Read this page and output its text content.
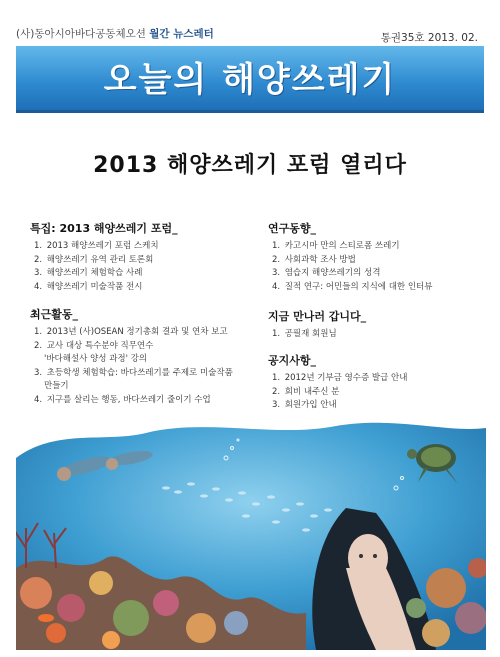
(사)동아시아바다공동체오션 월간 뉴스레터	통권35호 2013. 02.
오늘의 해양쓰레기
2013 해양쓰레기 포럼 열리다
특집: 2013 해양쓰레기 포럼_
1. 2013 해양쓰레기 포럼 스케치
2. 해양쓰레기 유역 관리 토론회
3. 해양쓰레기 체험학습 사례
4. 해양쓰레기 미술작품 전시
최근활동_
1. 2013년 (사)OSEAN 정기총회 결과 및 연차 보고
2. 교사 대상 특수분야 직무연수
'바다해설사 양성 과정' 강의
3. 초등학생 체험학습: 바다쓰레기를 주제로 미술작품
만들기
4. 지구를 살리는 행동, 바다쓰레기 줄이기 수업
연구동향_
1. 카고시마 만의 스티로폼 쓰레기
2. 사회과학 조사 방법
3. 염습지 해양쓰레기의 성격
4. 질적 연구: 어민들의 지식에 대한 인터뷰
지금 만나러 갑니다_
1. 공필재 회원님
공지사항_
1. 2012년 기부금 영수증 발급 안내
2. 회비 내주신 분
3. 회원가입 안내
